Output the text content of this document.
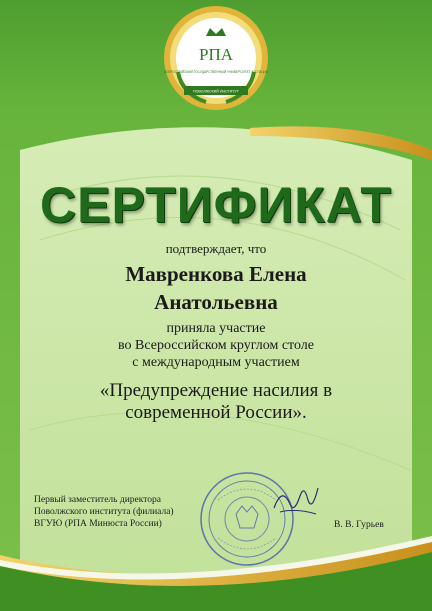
РПА
ВСЕРОССИЙСКИЙ ГОСУДАРСТВЕННЫЙ УНИВЕРСИТЕТ ЮСТИЦИИ
ПОВОЛЖСКИЙ ИНСТИТУТ
СЕРТИФИКАТ
подтверждает, что
Мавренкова Елена
Анатольевна
приняла участие
во Всероссийском круглом столе
с международным участием
«Предупреждение насилия в
современной России».
Первый заместитель директора
Поволжского института (филиала)
ВГУЮ (РПА Минюста России)	В. В. Гурьев
